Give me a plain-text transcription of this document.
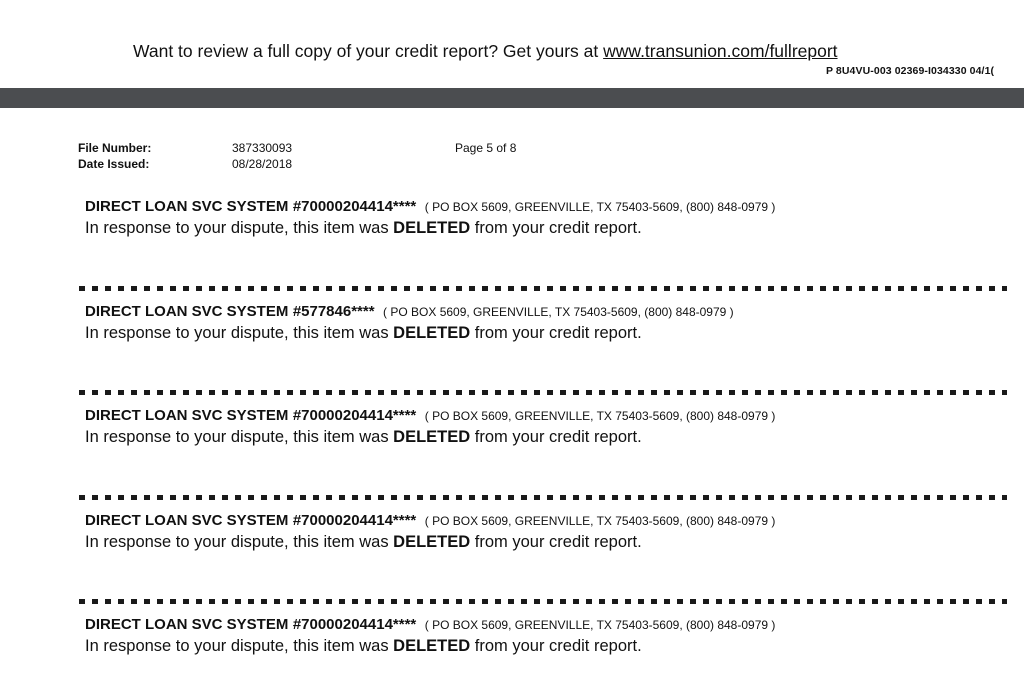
Want to review a full copy of your credit report? Get yours at www.transunion.com/fullreport
P 8U4VU-003 02369-I034330 04/1(
File Number:	387330093	Page 5 of 8
Date Issued:	08/28/2018
DIRECT LOAN SVC SYSTEM #70000204414**** ( PO BOX 5609, GREENVILLE, TX 75403-5609, (800) 848-0979 )
In response to your dispute, this item was DELETED from your credit report.
DIRECT LOAN SVC SYSTEM #577846**** ( PO BOX 5609, GREENVILLE, TX 75403-5609, (800) 848-0979 )
In response to your dispute, this item was DELETED from your credit report.
DIRECT LOAN SVC SYSTEM #70000204414**** ( PO BOX 5609, GREENVILLE, TX 75403-5609, (800) 848-0979 )
In response to your dispute, this item was DELETED from your credit report.
DIRECT LOAN SVC SYSTEM #70000204414**** ( PO BOX 5609, GREENVILLE, TX 75403-5609, (800) 848-0979 )
In response to your dispute, this item was DELETED from your credit report.
DIRECT LOAN SVC SYSTEM #70000204414**** ( PO BOX 5609, GREENVILLE, TX 75403-5609, (800) 848-0979 )
In response to your dispute, this item was DELETED from your credit report.
